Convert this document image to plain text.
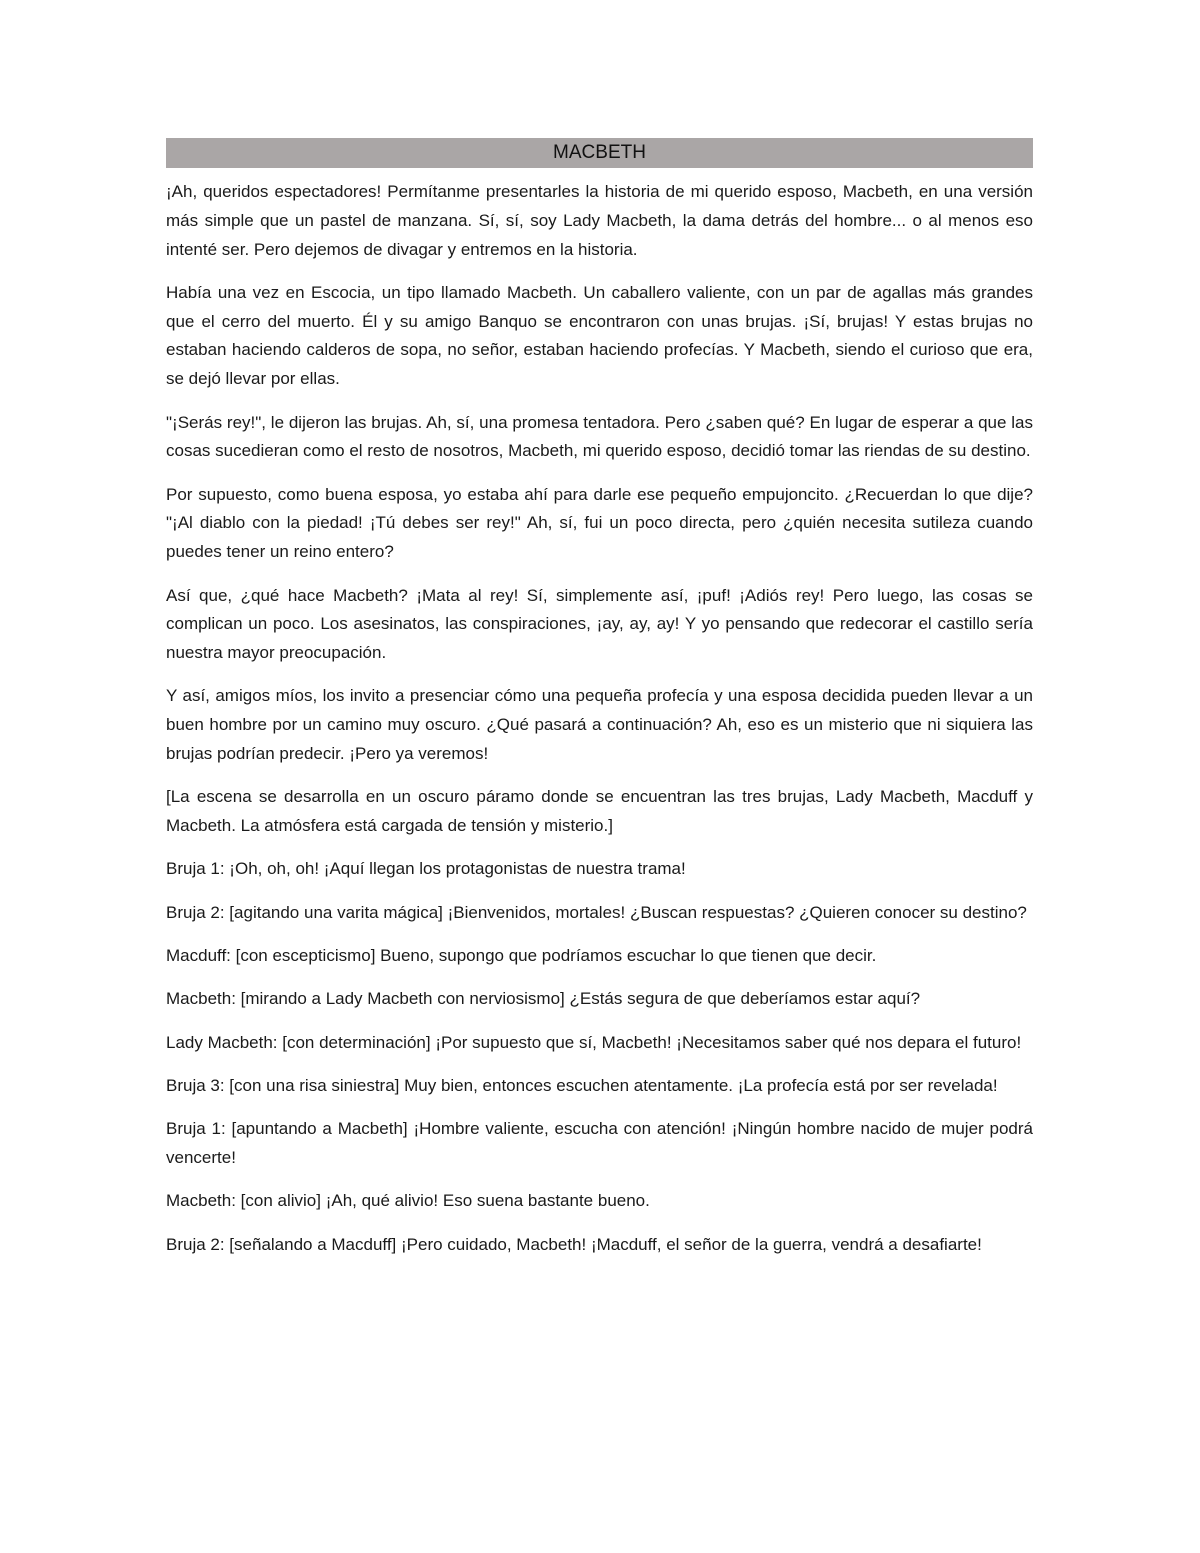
MACBETH

¡Ah, queridos espectadores! Permítanme presentarles la historia de mi querido esposo, Macbeth, en una versión más simple que un pastel de manzana. Sí, sí, soy Lady Macbeth, la dama detrás del hombre... o al menos eso intenté ser. Pero dejemos de divagar y entremos en la historia.

Había una vez en Escocia, un tipo llamado Macbeth. Un caballero valiente, con un par de agallas más grandes que el cerro del muerto. Él y su amigo Banquo se encontraron con unas brujas. ¡Sí, brujas! Y estas brujas no estaban haciendo calderos de sopa, no señor, estaban haciendo profecías. Y Macbeth, siendo el curioso que era, se dejó llevar por ellas.

"¡Serás rey!", le dijeron las brujas. Ah, sí, una promesa tentadora. Pero ¿saben qué? En lugar de esperar a que las cosas sucedieran como el resto de nosotros, Macbeth, mi querido esposo, decidió tomar las riendas de su destino.

Por supuesto, como buena esposa, yo estaba ahí para darle ese pequeño empujoncito. ¿Recuerdan lo que dije? "¡Al diablo con la piedad! ¡Tú debes ser rey!" Ah, sí, fui un poco directa, pero ¿quién necesita sutileza cuando puedes tener un reino entero?

Así que, ¿qué hace Macbeth? ¡Mata al rey! Sí, simplemente así, ¡puf! ¡Adiós rey! Pero luego, las cosas se complican un poco. Los asesinatos, las conspiraciones, ¡ay, ay, ay! Y yo pensando que redecorar el castillo sería nuestra mayor preocupación.

Y así, amigos míos, los invito a presenciar cómo una pequeña profecía y una esposa decidida pueden llevar a un buen hombre por un camino muy oscuro. ¿Qué pasará a continuación? Ah, eso es un misterio que ni siquiera las brujas podrían predecir. ¡Pero ya veremos!

[La escena se desarrolla en un oscuro páramo donde se encuentran las tres brujas, Lady Macbeth, Macduff y Macbeth. La atmósfera está cargada de tensión y misterio.]

Bruja 1: ¡Oh, oh, oh! ¡Aquí llegan los protagonistas de nuestra trama!

Bruja 2: [agitando una varita mágica] ¡Bienvenidos, mortales! ¿Buscan respuestas? ¿Quieren conocer su destino?

Macduff: [con escepticismo] Bueno, supongo que podríamos escuchar lo que tienen que decir.

Macbeth: [mirando a Lady Macbeth con nerviosismo] ¿Estás segura de que deberíamos estar aquí?

Lady Macbeth: [con determinación] ¡Por supuesto que sí, Macbeth! ¡Necesitamos saber qué nos depara el futuro!

Bruja 3: [con una risa siniestra] Muy bien, entonces escuchen atentamente. ¡La profecía está por ser revelada!

Bruja 1: [apuntando a Macbeth] ¡Hombre valiente, escucha con atención! ¡Ningún hombre nacido de mujer podrá vencerte!

Macbeth: [con alivio] ¡Ah, qué alivio! Eso suena bastante bueno.

Bruja 2: [señalando a Macduff] ¡Pero cuidado, Macbeth! ¡Macduff, el señor de la guerra, vendrá a desafiarte!
